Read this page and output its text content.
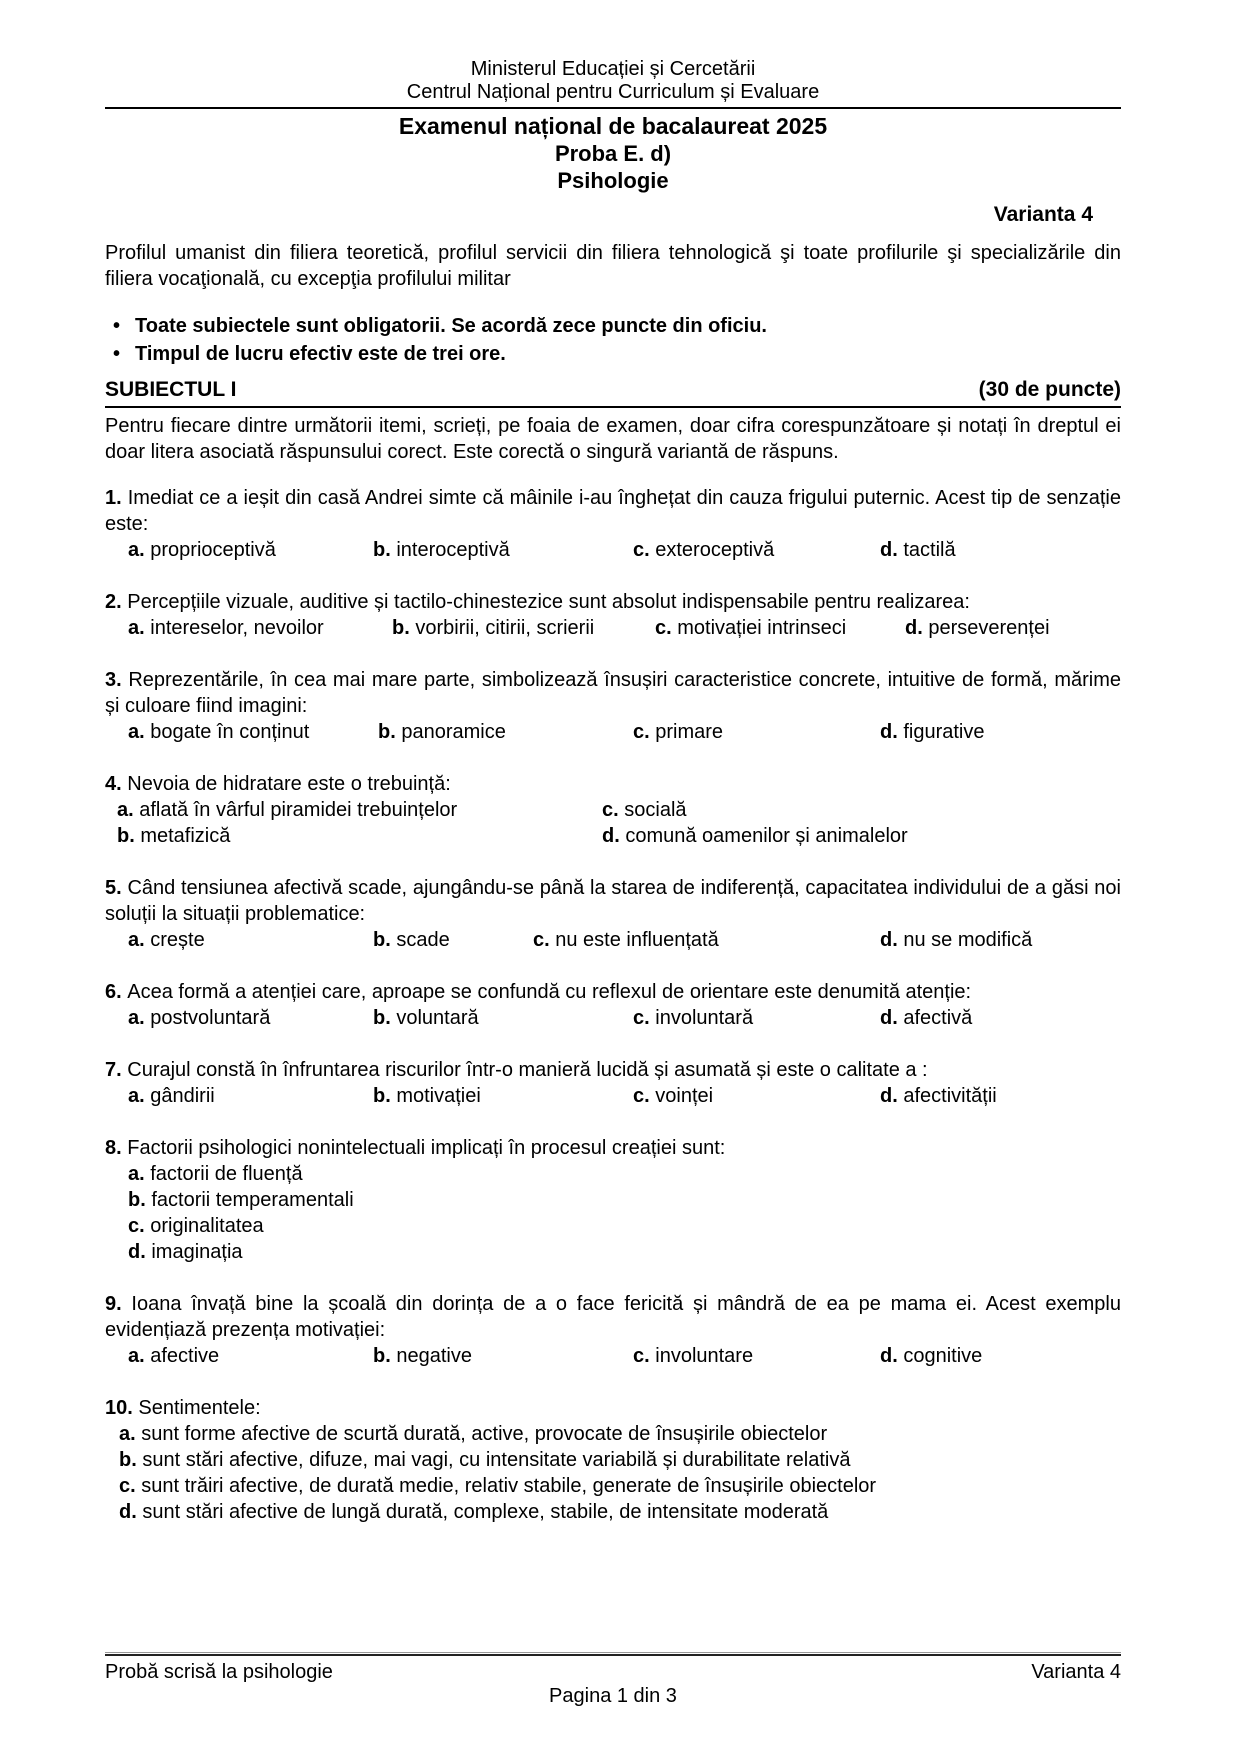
Ministerul Educației și Cercetării
Centrul Național pentru Curriculum și Evaluare
Examenul național de bacalaureat 2025
Proba E. d)
Psihologie
Varianta 4

Profilul umanist din filiera teoretică, profilul servicii din filiera tehnologică şi toate profilurile şi specializările din filiera vocaţională, cu excepţia profilului militar

• Toate subiectele sunt obligatorii. Se acordă zece puncte din oficiu.
• Timpul de lucru efectiv este de trei ore.
SUBIECTUL I	(30 de puncte)

Pentru fiecare dintre următorii itemi, scrieți, pe foaia de examen, doar cifra corespunzătoare și notați în dreptul ei doar litera asociată răspunsului corect. Este corectă o singură variantă de răspuns.

1. Imediat ce a ieșit din casă Andrei simte că mâinile i-au înghețat din cauza frigului puternic. Acest tip de senzație este:

a. proprioceptivă	b. interoceptivă	c. exteroceptivă	d. tactilă

2. Percepțiile vizuale, auditive și tactilo-chinestezice sunt absolut indispensabile pentru realizarea:

a. intereselor, nevoilor	b. vorbirii, citirii, scrierii	c. motivației intrinseci	d. perseverenței

3. Reprezentările, în cea mai mare parte, simbolizează însușiri caracteristice concrete, intuitive de formă, mărime și culoare fiind imagini:

a. bogate în conținut	b. panoramice	c. primare	d. figurative

4. Nevoia de hidratare este o trebuință:

a. aflată în vârful piramidei trebuințelor	c. socială
b. metafizică	d. comună oamenilor și animalelor

5. Când tensiunea afectivă scade, ajungându-se până la starea de indiferență, capacitatea individului de a găsi noi soluții la situații problematice:

a. crește	b. scade	c. nu este influențată	d. nu se modifică

6. Acea formă a atenției care, aproape se confundă cu reflexul de orientare este denumită atenție:

a. postvoluntară	b. voluntară	c. involuntară	d. afectivă

7. Curajul constă în înfruntarea riscurilor într-o manieră lucidă și asumată și este o calitate a :

a. gândirii	b. motivației	c. voinței	d. afectivității

8. Factorii psihologici nonintelectuali implicați în procesul creației sunt:

a. factorii de fluență
b. factorii temperamentali
c. originalitatea
d. imaginația

9. Ioana învață bine la școală din dorința de a o face fericită și mândră de ea pe mama ei. Acest exemplu evidențiază prezența motivației:

a. afective	b. negative	c. involuntare	d. cognitive

10. Sentimentele:

a. sunt forme afective de scurtă durată, active, provocate de însușirile obiectelor
b. sunt stări afective, difuze, mai vagi, cu intensitate variabilă și durabilitate relativă
c. sunt trăiri afective, de durată medie, relativ stabile, generate de însușirile obiectelor
d. sunt stări afective de lungă durată, complexe, stabile, de intensitate moderată
Probă scrisă la psihologie	Varianta 4
Pagina 1 din 3
